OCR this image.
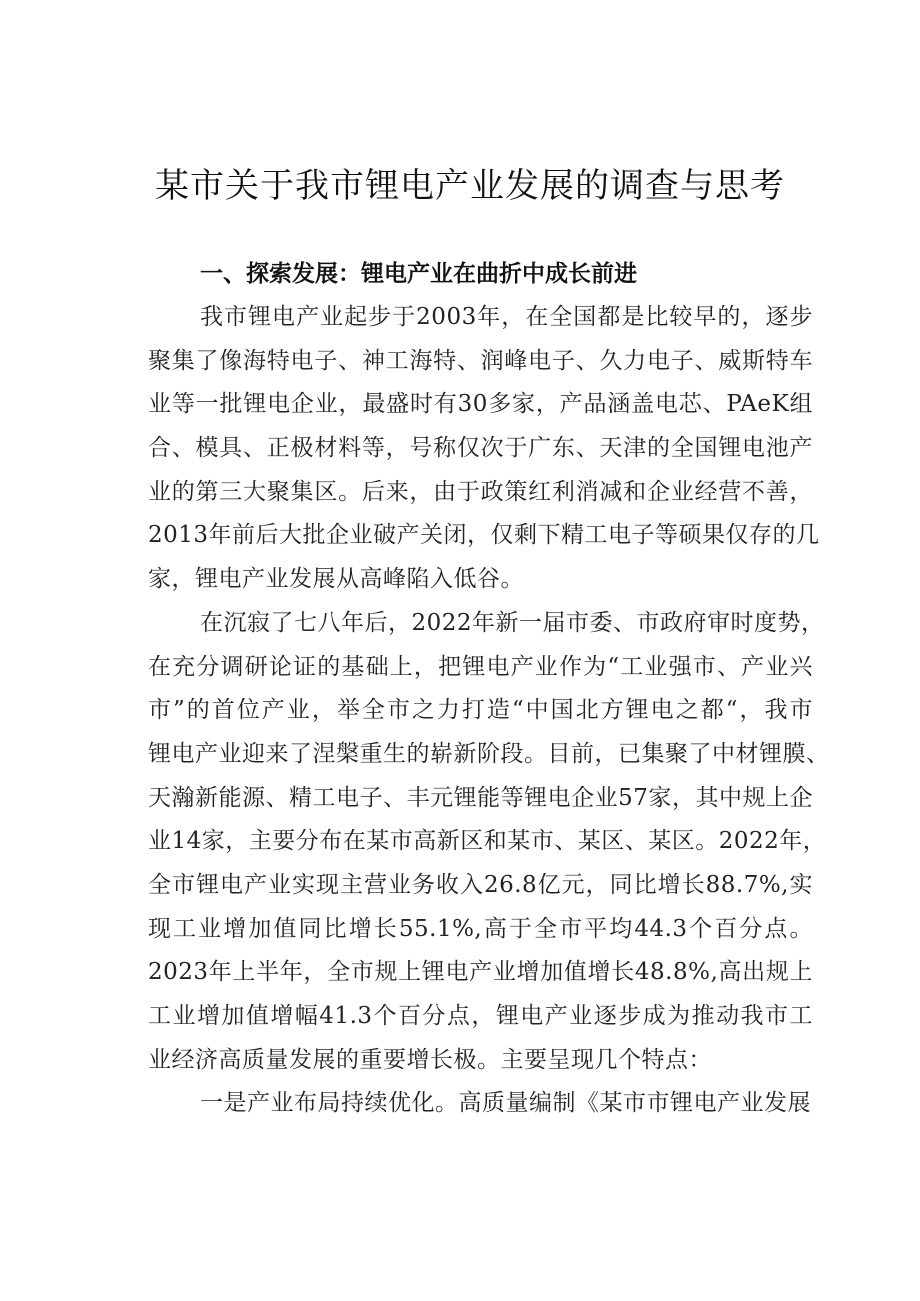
某市关于我市锂电产业发展的调查与思考
一、探索发展：锂电产业在曲折中成长前进
我市锂电产业起步于2003年，在全国都是比较早的，逐步
聚集了像海特电子、神工海特、润峰电子、久力电子、威斯特车
业等一批锂电企业，最盛时有30多家，产品涵盖电芯、PAeK组
合、模具、正极材料等，号称仅次于广东、天津的全国锂电池产
业的第三大聚集区。后来，由于政策红利消减和企业经营不善，
2013年前后大批企业破产关闭，仅剩下精工电子等硕果仅存的几
家，锂电产业发展从高峰陷入低谷。
在沉寂了七八年后，2022年新一届市委、市政府审时度势，
在充分调研论证的基础上，把锂电产业作为“工业强市、产业兴
市”的首位产业，举全市之力打造“中国北方锂电之都“，我市
锂电产业迎来了涅槃重生的崭新阶段。目前，已集聚了中材锂膜、
天瀚新能源、精工电子、丰元锂能等锂电企业57家，其中规上企
业14家，主要分布在某市高新区和某市、某区、某区。2022年，
全市锂电产业实现主营业务收入26.8亿元，同比增长88.7%,实
现工业增加值同比增长55.1%,高于全市平均44.3个百分点。
2023年上半年，全市规上锂电产业增加值增长48.8%,高出规上
工业增加值增幅41.3个百分点，锂电产业逐步成为推动我市工
业经济高质量发展的重要增长极。主要呈现几个特点：
一是产业布局持续优化。高质量编制《某市市锂电产业发展
